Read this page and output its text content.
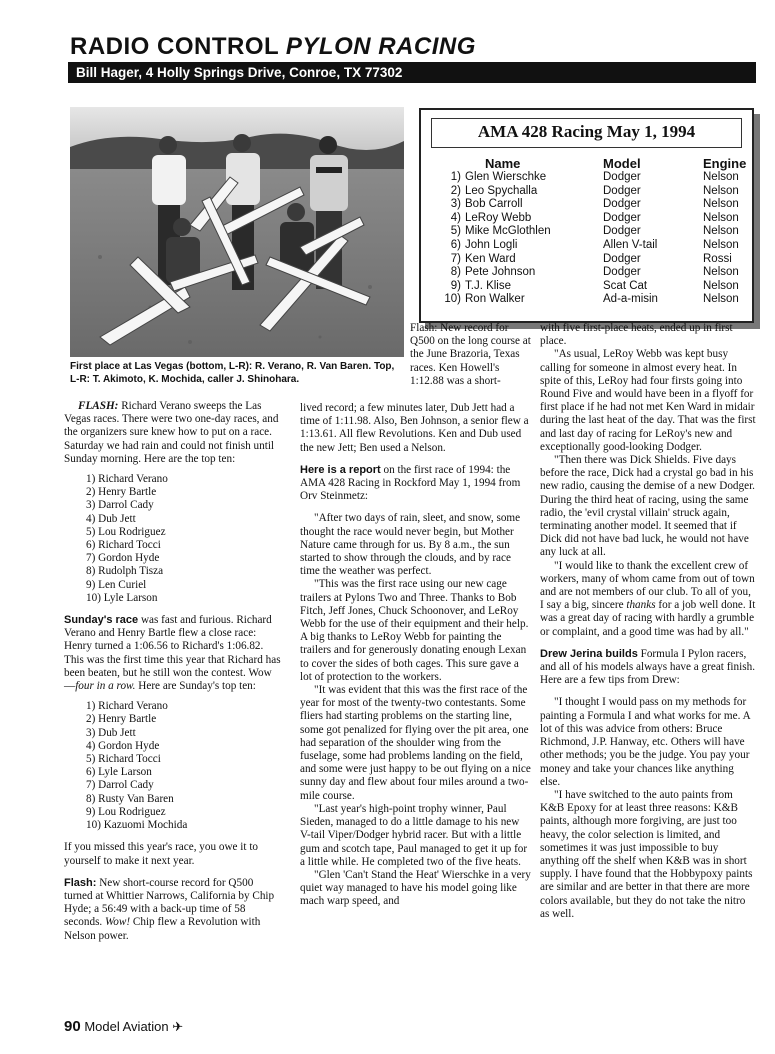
RADIO CONTROL PYLON RACING
Bill Hager, 4 Holly Springs Drive, Conroe, TX 77302
First place at Las Vegas (bottom, L-R): R. Verano, R. Van Baren. Top, L-R: T. Akimoto, K. Mochida, caller J. Shinohara.
AMA 428 Racing May 1, 1994
	Name	Model	Engine
1)	Glen Wierschke	Dodger	Nelson
2)	Leo Spychalla	Dodger	Nelson
3)	Bob Carroll	Dodger	Nelson
4)	LeRoy Webb	Dodger	Nelson
5)	Mike McGlothlen	Dodger	Nelson
6)	John Logli	Allen V-tail	Nelson
7)	Ken Ward	Dodger	Rossi
8)	Pete Johnson	Dodger	Nelson
9)	T.J. Klise	Scat Cat	Nelson
10)	Ron Walker	Ad-a-misin	Nelson

FLASH: Richard Verano sweeps the Las Vegas races. There were two one-day races, and the organizers sure knew how to put on a race. Saturday we had rain and could not finish until Sunday morning. Here are the top ten:

1) Richard Verano
2) Henry Bartle
3) Darrol Cady
4) Dub Jett
5) Lou Rodriguez
6) Richard Tocci
7) Gordon Hyde
8) Rudolph Tisza
9) Len Curiel
10) Lyle Larson

Sunday's race was fast and furious. Richard Verano and Henry Bartle flew a close race: Henry turned a 1:06.56 to Richard's 1:06.82. This was the first time this year that Richard has been beaten, but he still won the contest. Wow—four in a row. Here are Sunday's top ten:

1) Richard Verano
2) Henry Bartle
3) Dub Jett
4) Gordon Hyde
5) Richard Tocci
6) Lyle Larson
7) Darrol Cady
8) Rusty Van Baren
9) Lou Rodriguez
10) Kazuomi Mochida

If you missed this year's race, you owe it to yourself to make it next year.

Flash: New short-course record for Q500 turned at Whittier Narrows, California by Chip Hyde; a 56:49 with a back-up time of 58 seconds. Wow! Chip flew a Revolution with Nelson power.

Flash: New record for Q500 on the long course at the June Brazoria, Texas races. Ken Howell's 1:12.88 was a short-

lived record; a few minutes later, Dub Jett had a time of 1:11.98. Also, Ben Johnson, a senior flew a 1:13.61. All flew Revolutions. Ken and Dub used the new Jett; Ben used a Nelson.

Here is a report on the first race of 1994: the AMA 428 Racing in Rockford May 1, 1994 from Orv Steinmetz:

"After two days of rain, sleet, and snow, some thought the race would never begin, but Mother Nature came through for us. By 8 a.m., the sun started to show through the clouds, and by race time the weather was perfect.

"This was the first race using our new cage trailers at Pylons Two and Three. Thanks to Bob Fitch, Jeff Jones, Chuck Schoonover, and LeRoy Webb for the use of their equipment and their help. A big thanks to LeRoy Webb for painting the trailers and for generously donating enough Lexan to cover the sides of both cages. This sure gave a lot of protection to the workers.

"It was evident that this was the first race of the year for most of the twenty-two contestants. Some fliers had starting problems on the starting line, some got penalized for flying over the pit area, one had separation of the shoulder wing from the fuselage, some had problems landing on the field, and some were just happy to be out flying on a nice sunny day and flew about four miles around a two-mile course.

"Last year's high-point trophy winner, Paul Sieden, managed to do a little damage to his new V-tail Viper/Dodger hybrid racer. But with a little gum and scotch tape, Paul managed to get it up for a little while. He completed two of the five heats.

"Glen 'Can't Stand the Heat' Wierschke in a very quiet way managed to have his model going like mach warp speed, and

with five first-place heats, ended up in first place.

"As usual, LeRoy Webb was kept busy calling for someone in almost every heat. In spite of this, LeRoy had four firsts going into Round Five and would have been in a flyoff for first place if he had not met Ken Ward in midair during the last heat of the day. That was the first and last day of racing for LeRoy's new and exceptionally good-looking Dodger.

"Then there was Dick Shields. Five days before the race, Dick had a crystal go bad in his new radio, causing the demise of a new Dodger. During the third heat of racing, using the same radio, the 'evil crystal villain' struck again, terminating another model. It seemed that if Dick did not have bad luck, he would not have any luck at all.

"I would like to thank the excellent crew of workers, many of whom came from out of town and are not members of our club. To all of you, I say a big, sincere thanks for a job well done. It was a great day of racing with hardly a grumble or complaint, and a good time was had by all."

Drew Jerina builds Formula I Pylon racers, and all of his models always have a great finish. Here are a few tips from Drew:

"I thought I would pass on my methods for painting a Formula I and what works for me. A lot of this was advice from others: Bruce Richmond, J.P. Hanway, etc. Others will have other methods; you be the judge. You pay your money and take your chances like anything else.

"I have switched to the auto paints from K&B Epoxy for at least three reasons: K&B paints, although more forgiving, are just too heavy, the color selection is limited, and sometimes it was just impossible to buy anything off the shelf when K&B was in short supply. I have found that the Hobbypoxy paints are similar and are better in that there are more colors available, but they do not take the nitro as well.

90 Model Aviation ✈
